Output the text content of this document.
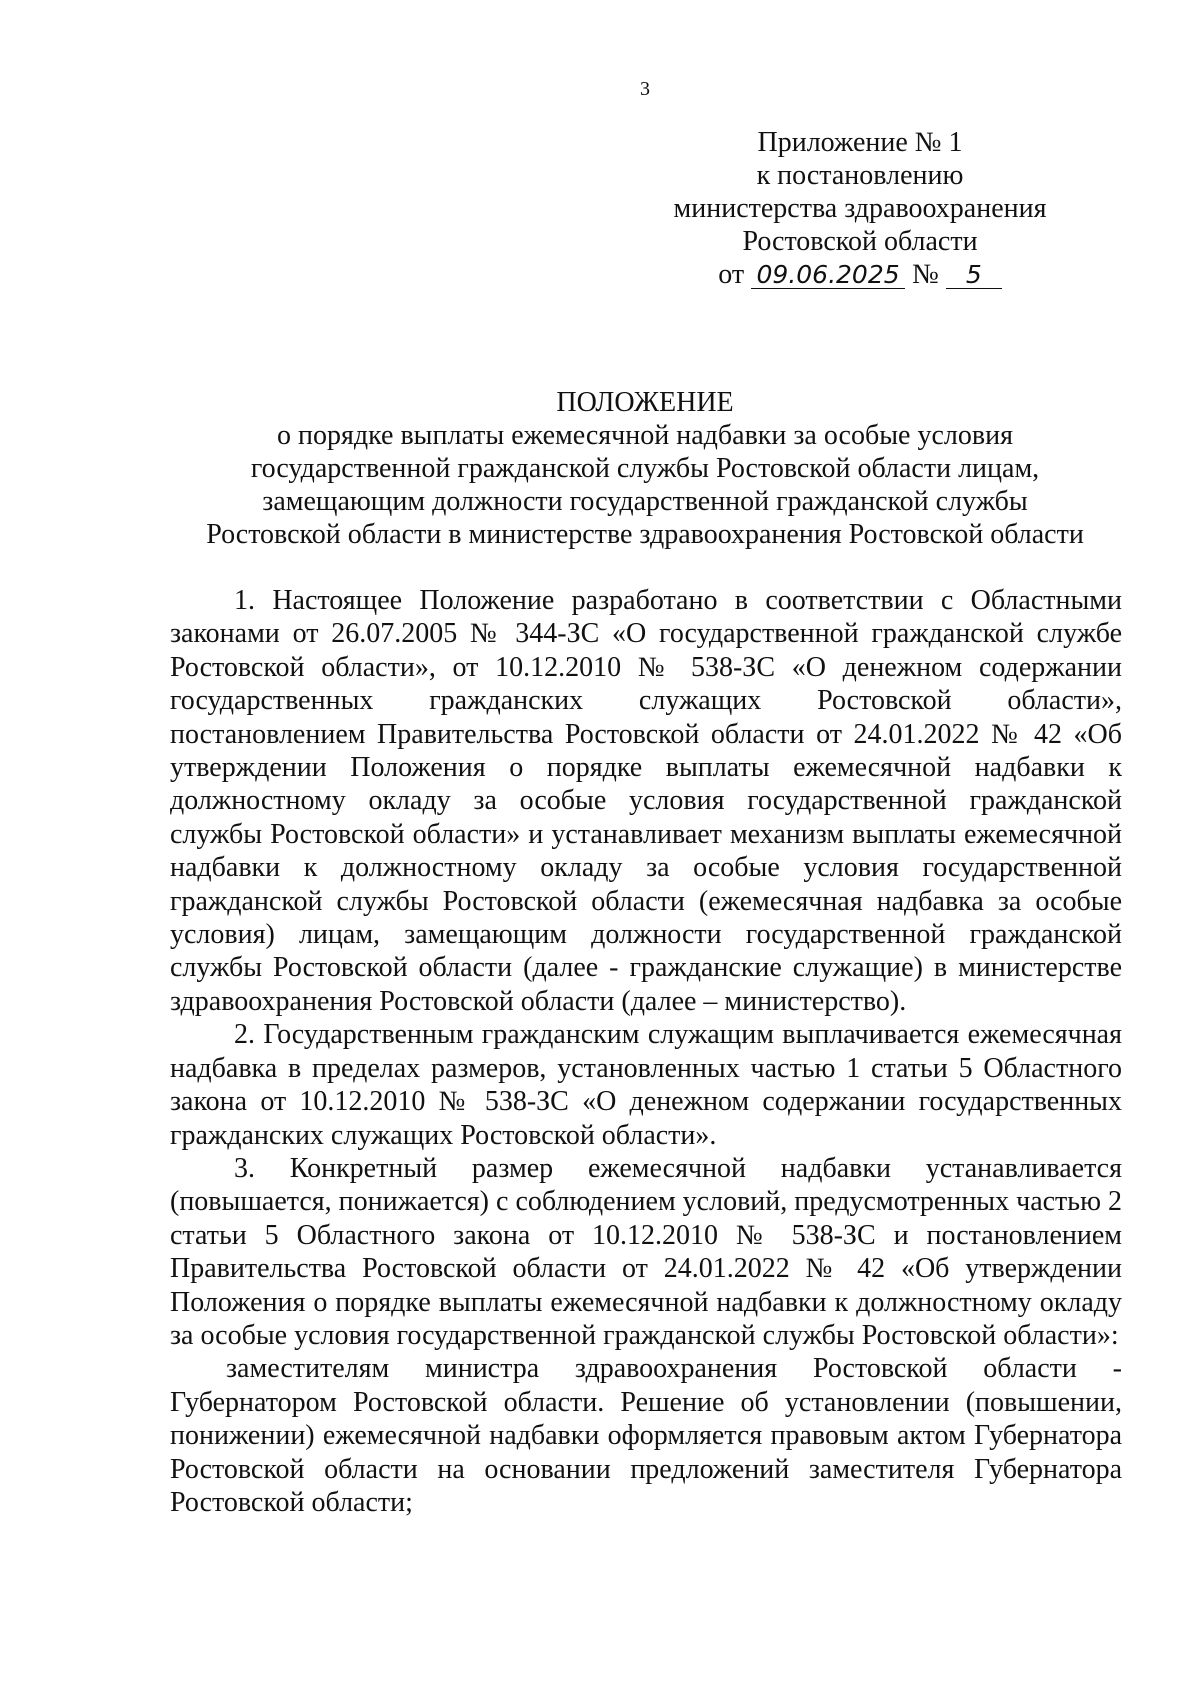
3
Приложение № 1
к постановлению
министерства здравоохранения
Ростовской области
от 09.06.2025 № 5
ПОЛОЖЕНИЕ
о порядке выплаты ежемесячной надбавки за особые условия
государственной гражданской службы Ростовской области лицам,
замещающим должности государственной гражданской службы
Ростовской области в министерстве здравоохранения Ростовской области

1. Настоящее Положение разработано в соответствии с Областными законами от 26.07.2005 № 344-ЗС «О государственной гражданской службе Ростовской области», от 10.12.2010 № 538-ЗС «О денежном содержании государственных гражданских служащих Ростовской области», постановлением Правительства Ростовской области от 24.01.2022 № 42 «Об утверждении Положения о порядке выплаты ежемесячной надбавки к должностному окладу за особые условия государственной гражданской службы Ростовской области» и устанавливает механизм выплаты ежемесячной надбавки к должностному окладу за особые условия государственной гражданской службы Ростовской области (ежемесячная надбавка за особые условия) лицам, замещающим должности государственной гражданской службы Ростовской области (далее - гражданские служащие) в министерстве здравоохранения Ростовской области (далее – министерство).

2. Государственным гражданским служащим выплачивается ежемесячная надбавка в пределах размеров, установленных частью 1 статьи 5 Областного закона от 10.12.2010 № 538-ЗС «О денежном содержании государственных гражданских служащих Ростовской области».

3. Конкретный размер ежемесячной надбавки устанавливается (повышается, понижается) с соблюдением условий, предусмотренных частью 2 статьи 5 Областного закона от 10.12.2010 № 538-ЗС и постановлением Правительства Ростовской области от 24.01.2022 № 42 «Об утверждении Положения о порядке выплаты ежемесячной надбавки к должностному окладу за особые условия государственной гражданской службы Ростовской области»:

заместителям министра здравоохранения Ростовской области - Губернатором Ростовской области. Решение об установлении (повышении, понижении) ежемесячной надбавки оформляется правовым актом Губернатора Ростовской области на основании предложений заместителя Губернатора Ростовской области;
